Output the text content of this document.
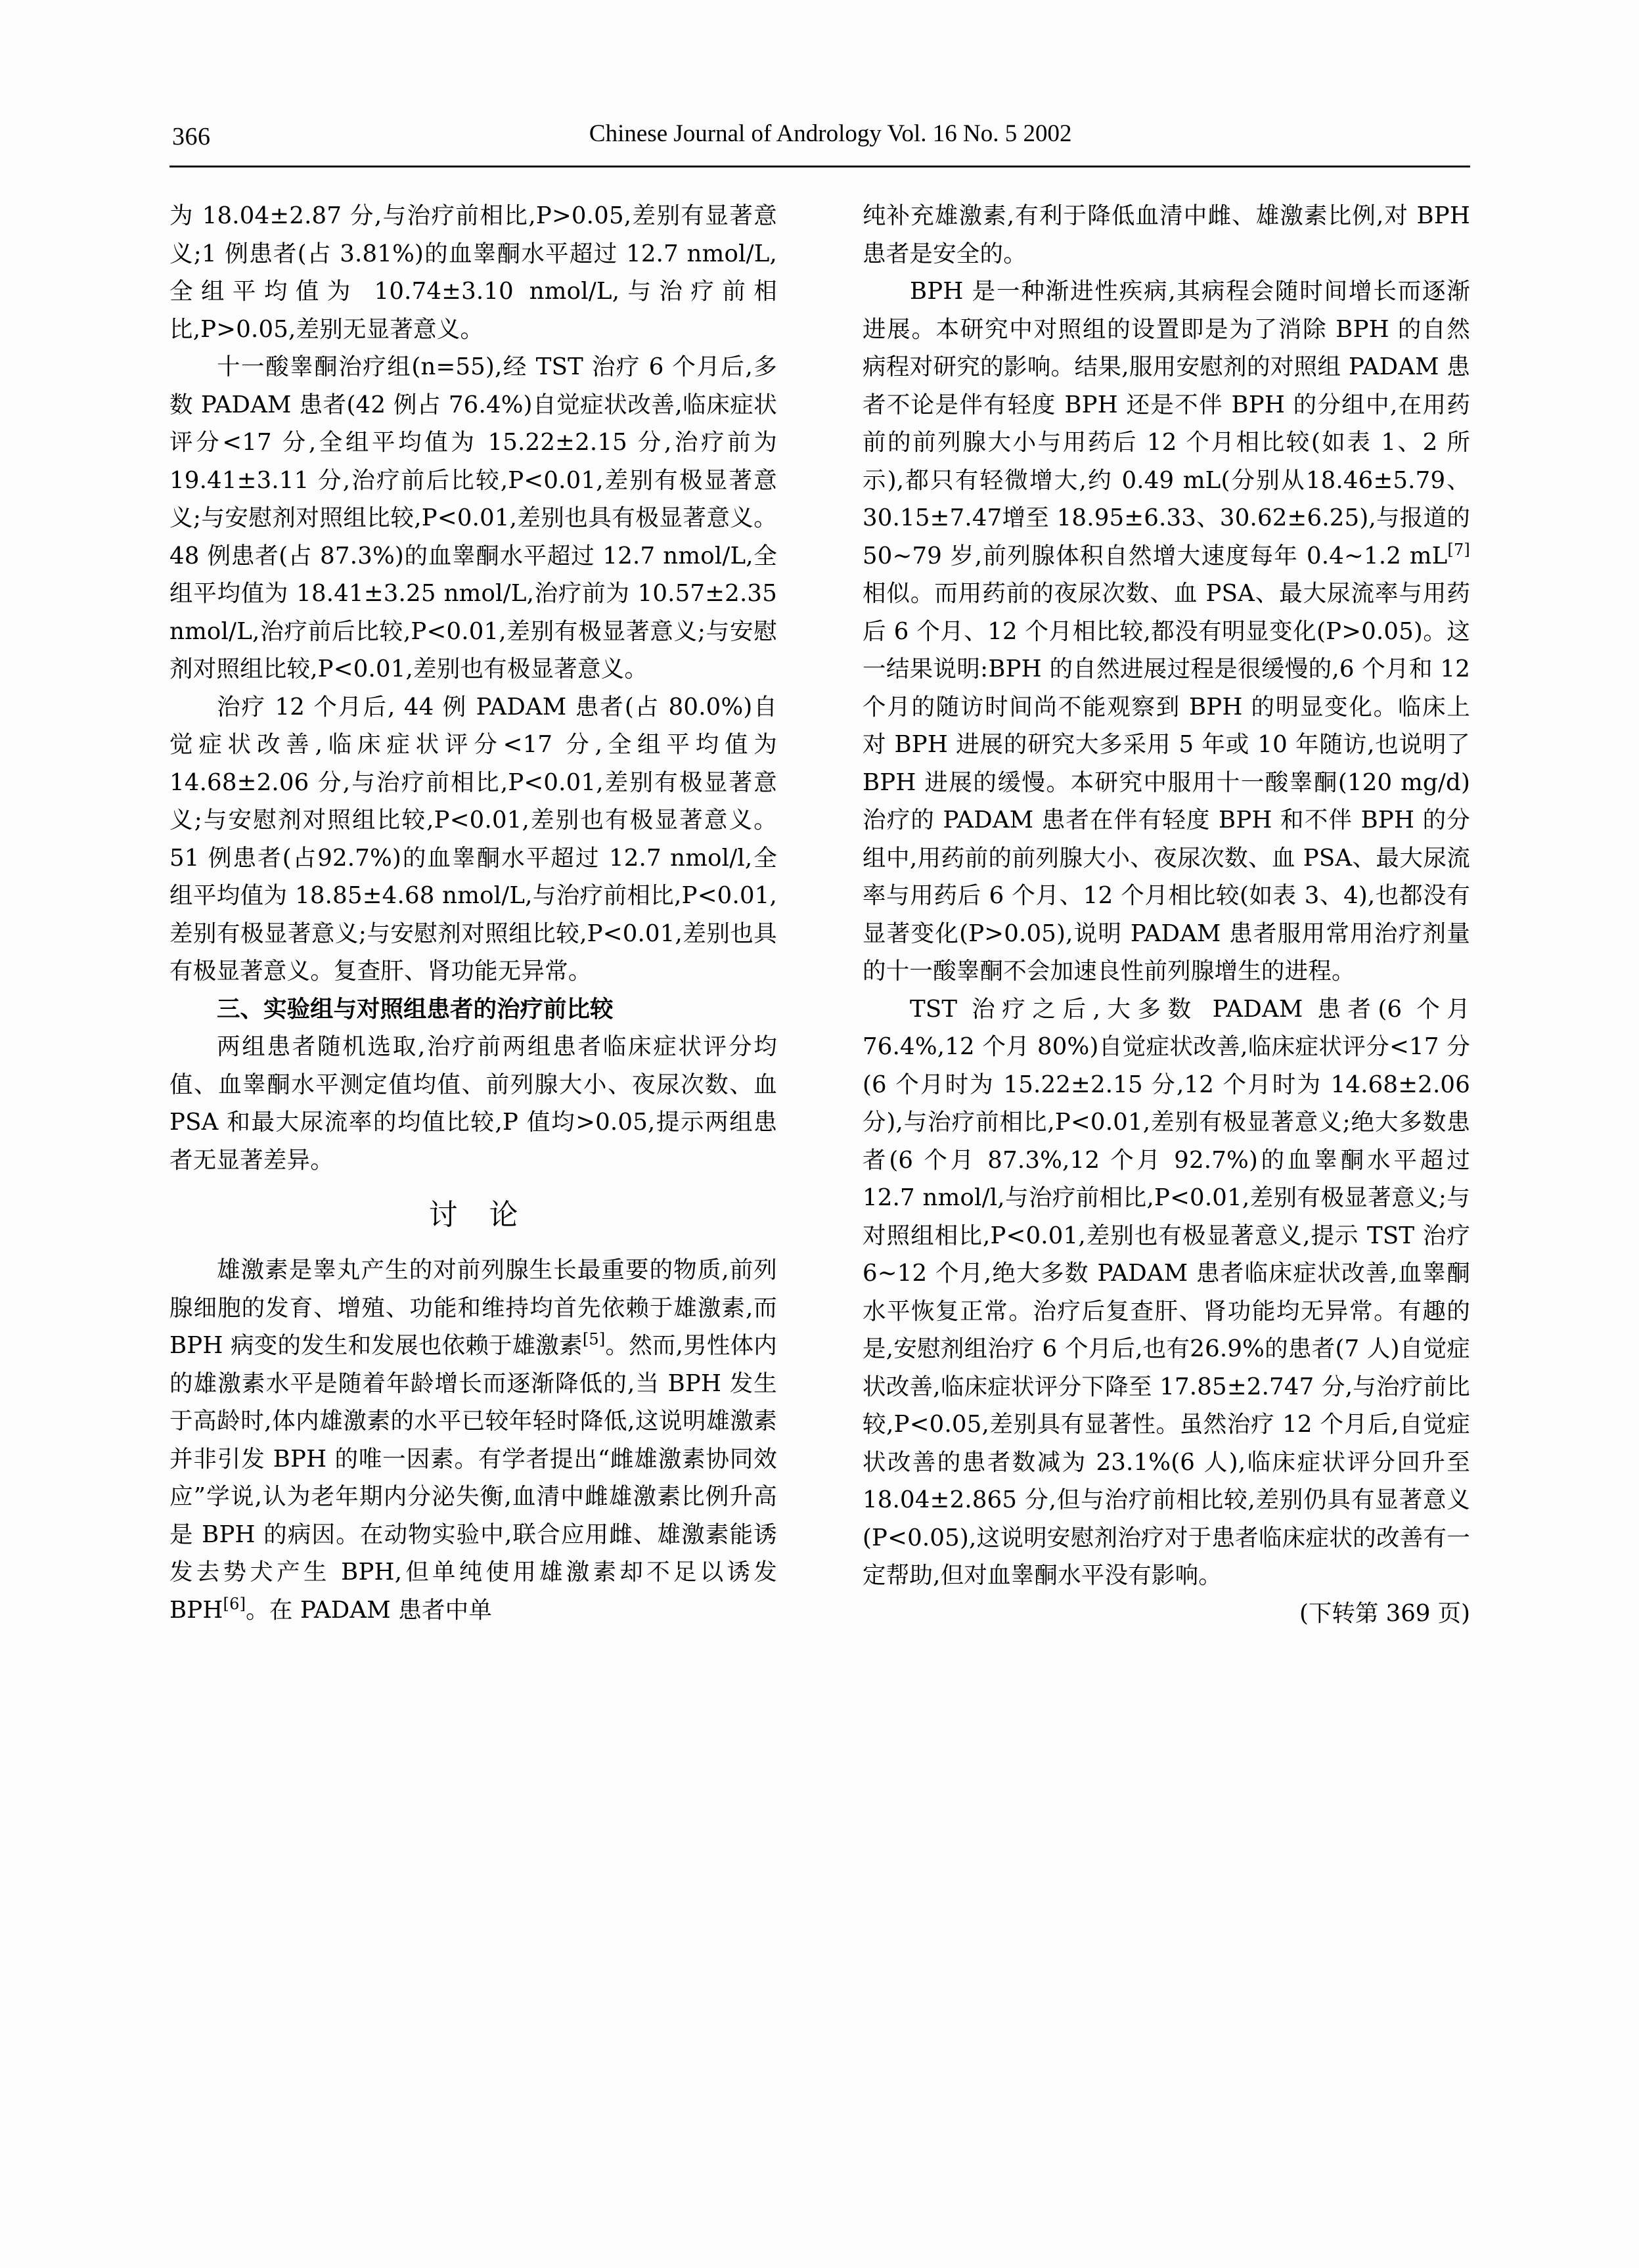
366	Chinese Journal of Andrology Vol. 16 No. 5 2002

为 18.04±2.87 分,与治疗前相比,P>0.05,差别有显著意义;1 例患者(占 3.81%)的血睾酮水平超过 12.7 nmol/L,全组平均值为 10.74±3.10 nmol/L,与治疗前相比,P>0.05,差别无显著意义。

十一酸睾酮治疗组(n=55),经 TST 治疗 6 个月后,多数 PADAM 患者(42 例占 76.4%)自觉症状改善,临床症状评分<17 分,全组平均值为 15.22±2.15 分,治疗前为 19.41±3.11 分,治疗前后比较,P<0.01,差别有极显著意义;与安慰剂对照组比较,P<0.01,差别也具有极显著意义。48 例患者(占 87.3%)的血睾酮水平超过 12.7 nmol/L,全组平均值为 18.41±3.25 nmol/L,治疗前为 10.57±2.35 nmol/L,治疗前后比较,P<0.01,差别有极显著意义;与安慰剂对照组比较,P<0.01,差别也有极显著意义。

治疗 12 个月后, 44 例 PADAM 患者(占 80.0%)自觉症状改善,临床症状评分<17 分,全组平均值为14.68±2.06 分,与治疗前相比,P<0.01,差别有极显著意义;与安慰剂对照组比较,P<0.01,差别也有极显著意义。51 例患者(占92.7%)的血睾酮水平超过 12.7 nmol/l,全组平均值为 18.85±4.68 nmol/L,与治疗前相比,P<0.01,差别有极显著意义;与安慰剂对照组比较,P<0.01,差别也具有极显著意义。复查肝、肾功能无异常。

三、实验组与对照组患者的治疗前比较

两组患者随机选取,治疗前两组患者临床症状评分均值、血睾酮水平测定值均值、前列腺大小、夜尿次数、血 PSA 和最大尿流率的均值比较,P 值均>0.05,提示两组患者无显著差异。

讨论

雄激素是睾丸产生的对前列腺生长最重要的物质,前列腺细胞的发育、增殖、功能和维持均首先依赖于雄激素,而 BPH 病变的发生和发展也依赖于雄激素[5]。然而,男性体内的雄激素水平是随着年龄增长而逐渐降低的,当 BPH 发生于高龄时,体内雄激素的水平已较年轻时降低,这说明雄激素并非引发 BPH 的唯一因素。有学者提出“雌雄激素协同效应”学说,认为老年期内分泌失衡,血清中雌雄激素比例升高是 BPH 的病因。在动物实验中,联合应用雌、雄激素能诱发去势犬产生 BPH,但单纯使用雄激素却不足以诱发 BPH[6]。在 PADAM 患者中单

纯补充雄激素,有利于降低血清中雌、雄激素比例,对 BPH 患者是安全的。

BPH 是一种渐进性疾病,其病程会随时间增长而逐渐进展。本研究中对照组的设置即是为了消除 BPH 的自然病程对研究的影响。结果,服用安慰剂的对照组 PADAM 患者不论是伴有轻度 BPH 还是不伴 BPH 的分组中,在用药前的前列腺大小与用药后 12 个月相比较(如表 1、2 所示),都只有轻微增大,约 0.49 mL(分别从18.46±5.79、30.15±7.47增至 18.95±6.33、30.62±6.25),与报道的 50~79 岁,前列腺体积自然增大速度每年 0.4~1.2 mL[7]相似。而用药前的夜尿次数、血 PSA、最大尿流率与用药后 6 个月、12 个月相比较,都没有明显变化(P>0.05)。这一结果说明:BPH 的自然进展过程是很缓慢的,6 个月和 12 个月的随访时间尚不能观察到 BPH 的明显变化。临床上对 BPH 进展的研究大多采用 5 年或 10 年随访,也说明了 BPH 进展的缓慢。本研究中服用十一酸睾酮(120 mg/d)治疗的 PADAM 患者在伴有轻度 BPH 和不伴 BPH 的分组中,用药前的前列腺大小、夜尿次数、血 PSA、最大尿流率与用药后 6 个月、12 个月相比较(如表 3、4),也都没有显著变化(P>0.05),说明 PADAM 患者服用常用治疗剂量的十一酸睾酮不会加速良性前列腺增生的进程。

TST 治疗之后,大多数 PADAM 患者(6 个月 76.4%,12 个月 80%)自觉症状改善,临床症状评分<17 分(6 个月时为 15.22±2.15 分,12 个月时为 14.68±2.06 分),与治疗前相比,P<0.01,差别有极显著意义;绝大多数患者(6 个月 87.3%,12 个月 92.7%)的血睾酮水平超过 12.7 nmol/l,与治疗前相比,P<0.01,差别有极显著意义;与对照组相比,P<0.01,差别也有极显著意义,提示 TST 治疗 6~12 个月,绝大多数 PADAM 患者临床症状改善,血睾酮水平恢复正常。治疗后复查肝、肾功能均无异常。有趣的是,安慰剂组治疗 6 个月后,也有26.9%的患者(7 人)自觉症状改善,临床症状评分下降至 17.85±2.747 分,与治疗前比较,P<0.05,差别具有显著性。虽然治疗 12 个月后,自觉症状改善的患者数减为 23.1%(6 人),临床症状评分回升至18.04±2.865 分,但与治疗前相比较,差别仍具有显著意义(P<0.05),这说明安慰剂治疗对于患者临床症状的改善有一定帮助,但对血睾酮水平没有影响。

(下转第 369 页)
